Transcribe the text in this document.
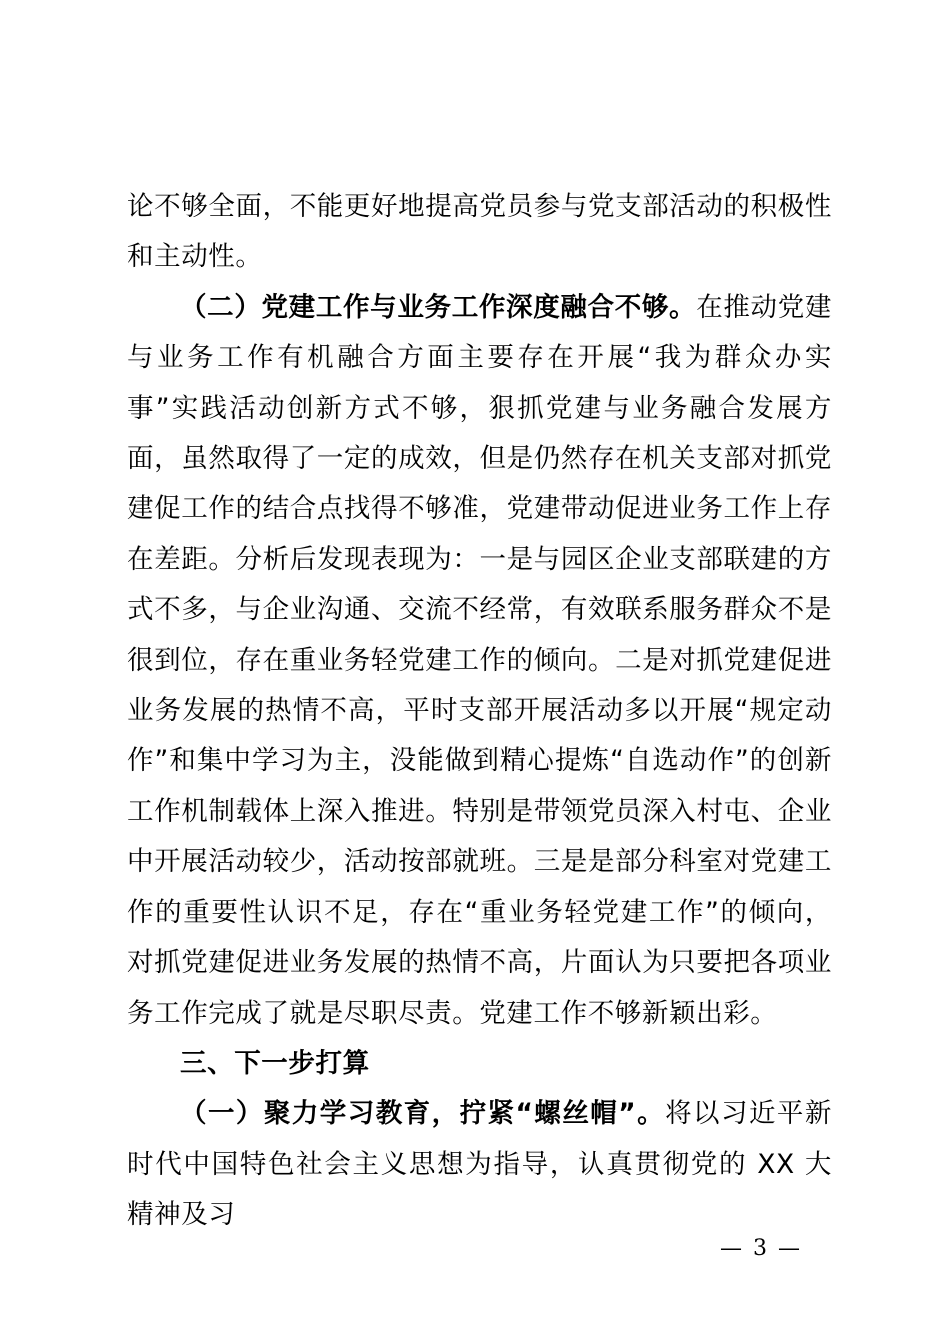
论不够全面，不能更好地提高党员参与党支部活动的积极性和主动性。

（二）党建工作与业务工作深度融合不够。在推动党建与业务工作有机融合方面主要存在开展“我为群众办实事”实践活动创新方式不够，狠抓党建与业务融合发展方面，虽然取得了一定的成效，但是仍然存在机关支部对抓党建促工作的结合点找得不够准，党建带动促进业务工作上存在差距。分析后发现表现为：一是与园区企业支部联建的方式不多，与企业沟通、交流不经常，有效联系服务群众不是很到位，存在重业务轻党建工作的倾向。二是对抓党建促进业务发展的热情不高，平时支部开展活动多以开展“规定动作”和集中学习为主，没能做到精心提炼“自选动作”的创新工作机制载体上深入推进。特别是带领党员深入村屯、企业中开展活动较少，活动按部就班。三是是部分科室对党建工作的重要性认识不足，存在“重业务轻党建工作”的倾向，对抓党建促进业务发展的热情不高，片面认为只要把各项业务工作完成了就是尽职尽责。党建工作不够新颖出彩。

三、下一步打算

（一）聚力学习教育，拧紧“螺丝帽”。将以习近平新时代中国特色社会主义思想为指导，认真贯彻党的 XX 大精神及习

— 3 —
